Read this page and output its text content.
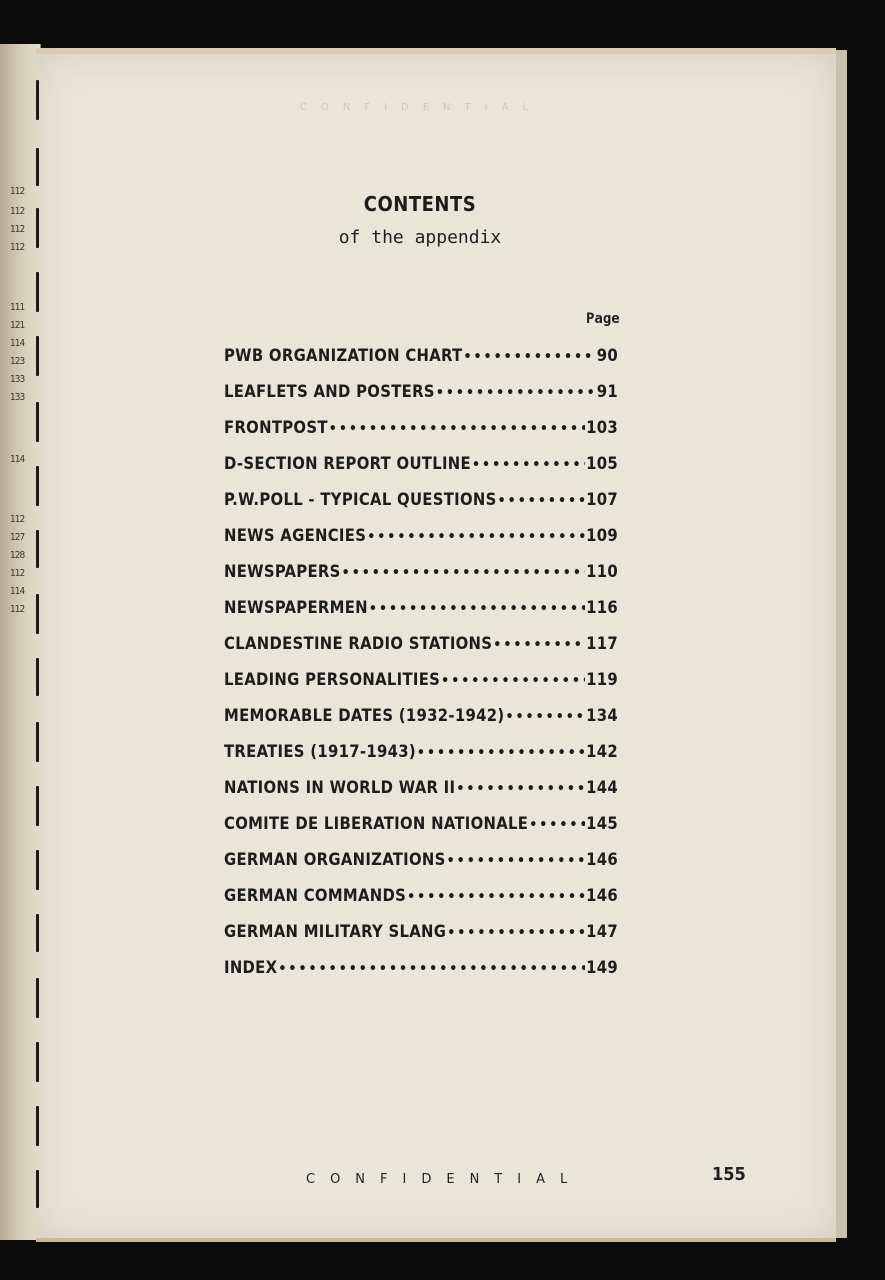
112
112
112
112
111
121
114
123
133
133
114
112
127
128
112
114
112
CONFIDENTIAL
CONTENTS
of the appendix
Page
PWB ORGANIZATION CHART •••••	90
LEAFLETS AND POSTERS •••••	91
FRONTPOST •••••	103
D-SECTION REPORT OUTLINE •••••	105
P.W.POLL - TYPICAL QUESTIONS •••••	107
NEWS AGENCIES •••••	109
NEWSPAPERS •••••	110
NEWSPAPERMEN •••••	116
CLANDESTINE RADIO STATIONS •••••	117
LEADING PERSONALITIES •••••	119
MEMORABLE DATES (1932-1942) •••••	134
TREATIES (1917-1943) •••••	142
NATIONS IN WORLD WAR II •••••	144
COMITE DE LIBERATION NATIONALE •••••	145
GERMAN ORGANIZATIONS •••••	146
GERMAN COMMANDS •••••	146
GERMAN MILITARY SLANG •••••	147
INDEX •••••	149
CONFIDENTIAL	155
